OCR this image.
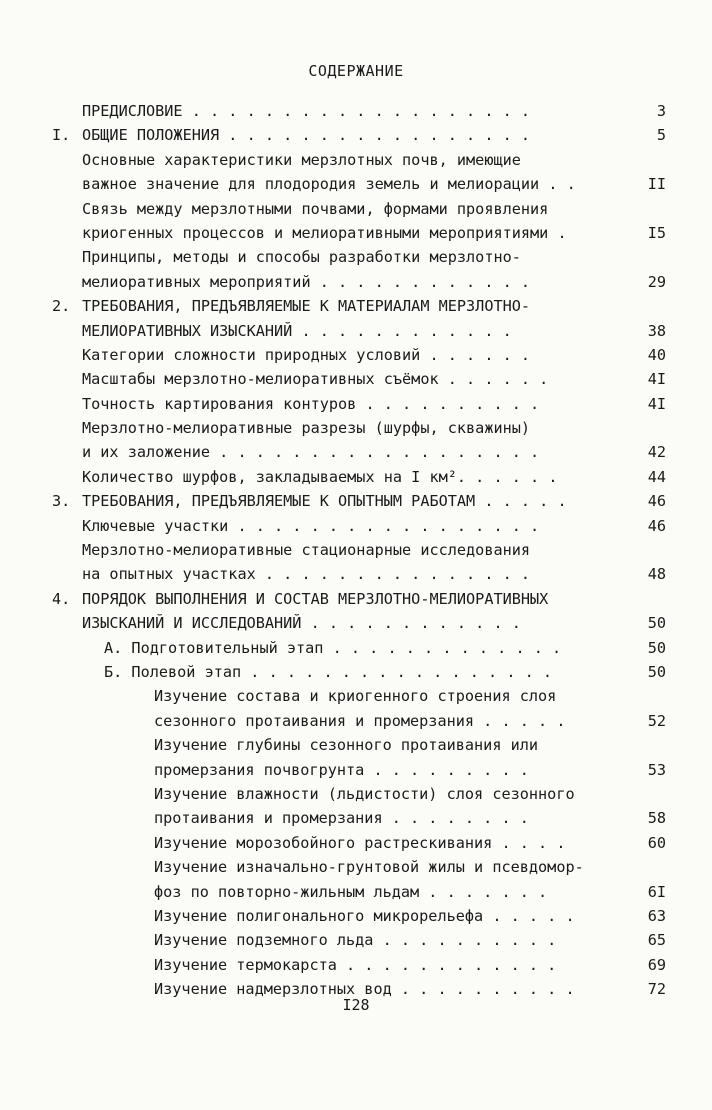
СОДЕРЖАНИЕ
ПРЕДИСЛОВИЕ . . . . . . . . . . . . . . . . . . .	3
I. ОБЩИЕ ПОЛОЖЕНИЯ . . . . . . . . . . . . . . . . .	5
Основные характеристики мерзлотных почв, имеющие
важное значение для плодородия земель и мелиорации . .	II
Связь между мерзлотными почвами, формами проявления
криогенных процессов и мелиоративными мероприятиями .	I5
Принципы, методы и способы разработки мерзлотно-
мелиоративных мероприятий . . . . . . . . . . . .	29
2. ТРЕБОВАНИЯ, ПРЕДЪЯВЛЯЕМЫЕ К МАТЕРИАЛАМ МЕРЗЛОТНО-
МЕЛИОРАТИВНЫХ ИЗЫСКАНИЙ . . . . . . . . . . . .	38
Категории сложности природных условий . . . . . .	40
Масштабы мерзлотно-мелиоративных съёмок . . . . . .	4I
Точность картирования контуров . . . . . . . . . .	4I
Мерзлотно-мелиоративные разрезы (шурфы, скважины)
и их заложение . . . . . . . . . . . . . . . . . .	42
Количество шурфов, закладываемых на I км². . . . . .	44
3. ТРЕБОВАНИЯ, ПРЕДЪЯВЛЯЕМЫЕ К ОПЫТНЫМ РАБОТАМ . . . . .	46
Ключевые участки . . . . . . . . . . . . . . . . .	46
Мерзлотно-мелиоративные стационарные исследования
на опытных участках . . . . . . . . . . . . . . .	48
4. ПОРЯДОК ВЫПОЛНЕНИЯ И СОСТАВ МЕРЗЛОТНО-МЕЛИОРАТИВНЫХ
ИЗЫСКАНИЙ И ИССЛЕДОВАНИЙ . . . . . . . . . . . .	50
А. Подготовительный этап . . . . . . . . . . . . .	50
Б. Полевой этап . . . . . . . . . . . . . . . . .	50
Изучение состава и криогенного строения слоя
сезонного протаивания и промерзания . . . . .	52
Изучение глубины сезонного протаивания или
промерзания почвогрунта . . . . . . . . .	53
Изучение влажности (льдистости) слоя сезонного
протаивания и промерзания . . . . . . . .	58
Изучение морозобойного растрескивания . . . .	60
Изучение изначально-грунтовой жилы и псевдомор-
фоз по повторно-жильным льдам . . . . . . .	6I
Изучение полигонального микрорельефа . . . . .	63
Изучение подземного льда . . . . . . . . . .	65
Изучение термокарста . . . . . . . . . . . .	69
Изучение надмерзлотных вод . . . . . . . . . .	72
I28
